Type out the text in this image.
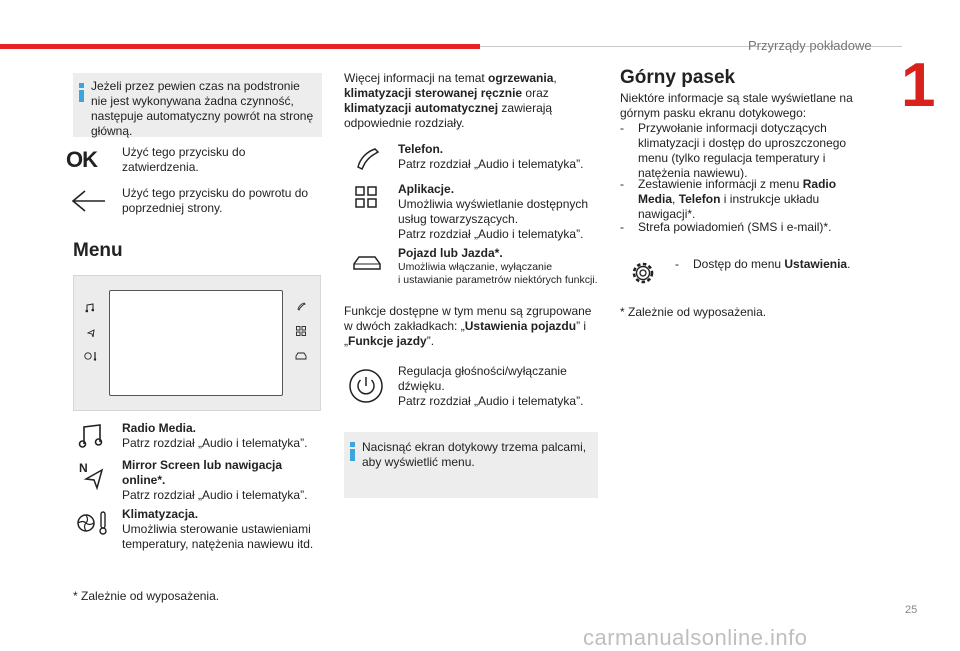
Przyrządy pokładowe
1
Jeżeli przez pewien czas na podstronie nie jest wykonywana żadna czynność, następuje automatyczny powrót na stronę główną.
OK Użyć tego przycisku do zatwierdzenia.
Użyć tego przycisku do powrotu do poprzedniej strony.
Menu
Radio Media.
Patrz rozdział „Audio i telematyka”.
N	Mirror Screen lub nawigacja online*.
Patrz rozdział „Audio i telematyka”.
Klimatyzacja.
Umożliwia sterowanie ustawieniami temperatury, natężenia nawiewu itd.
* Zależnie od wyposażenia.
Więcej informacji na temat ogrzewania, klimatyzacji sterowanej ręcznie oraz klimatyzacji automatycznej zawierają odpowiednie rozdziały.
Telefon.
Patrz rozdział „Audio i telematyka”.
Aplikacje.
Umożliwia wyświetlanie dostępnych usług towarzyszących.
Patrz rozdział „Audio i telematyka”.
Pojazd lub Jazda*.
Umożliwia włączanie, wyłączanie
i ustawianie parametrów niektórych funkcji.
Funkcje dostępne w tym menu są zgrupowane w dwóch zakładkach: „Ustawienia pojazdu” i „Funkcje jazdy”.
Regulacja głośności/wyłączanie dźwięku.
Patrz rozdział „Audio i telematyka”.
Nacisnąć ekran dotykowy trzema palcami, aby wyświetlić menu.
Górny pasek
Niektóre informacje są stale wyświetlane na górnym pasku ekranu dotykowego:
- Przywołanie informacji dotyczących klimatyzacji i dostęp do uproszczonego menu (tylko regulacja temperatury i natężenia nawiewu).
- Zestawienie informacji z menu Radio Media, Telefon i instrukcje układu nawigacji*.
- Strefa powiadomień (SMS i e-mail)*.
- Dostęp do menu Ustawienia.
* Zależnie od wyposażenia.
25
carmanualsonline.info
